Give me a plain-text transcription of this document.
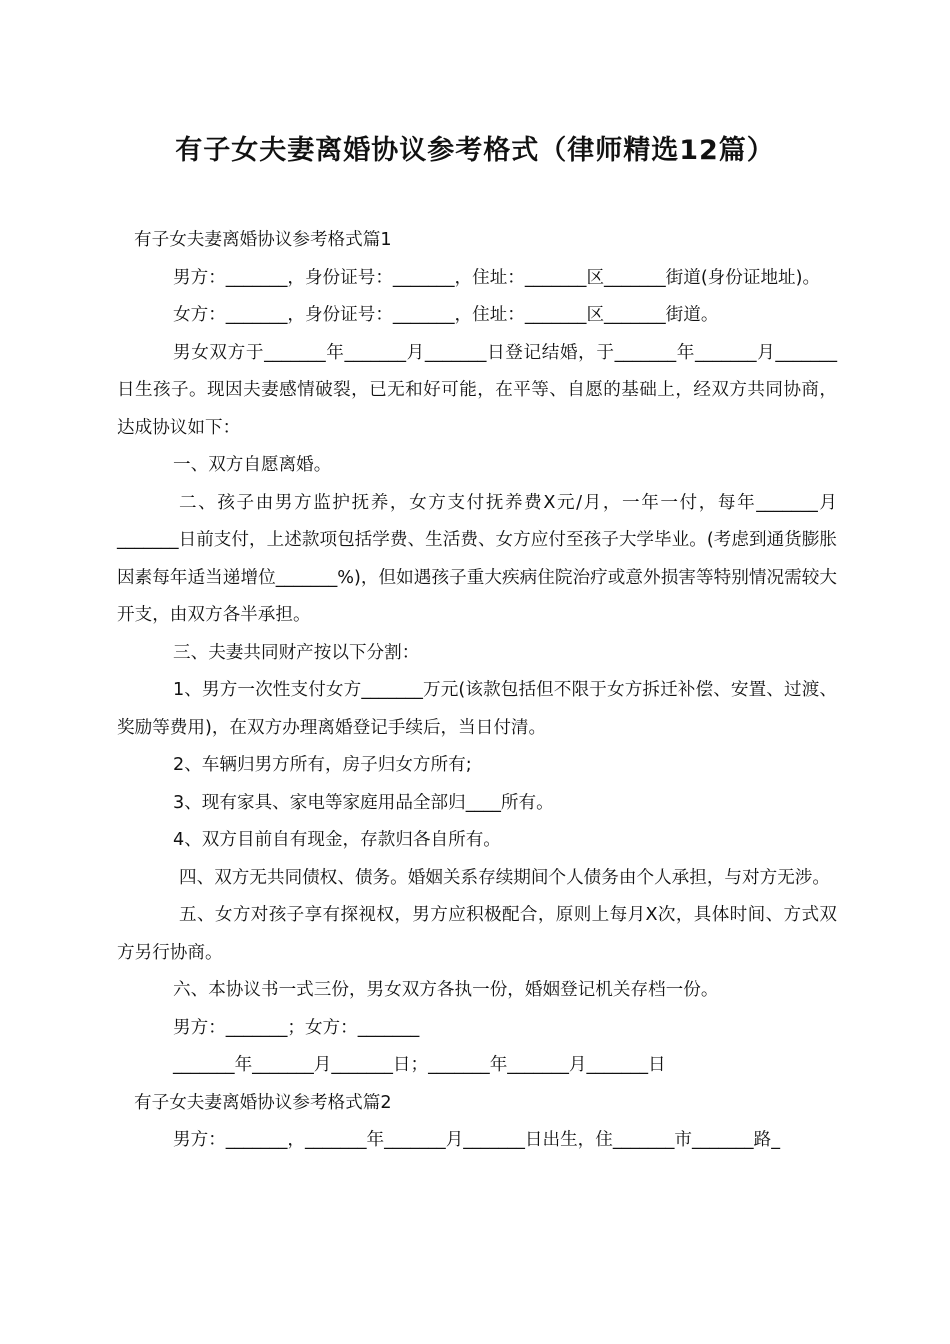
有子女夫妻离婚协议参考格式（律师精选12篇）

有子女夫妻离婚协议参考格式篇1

男方：_______，身份证号：_______，住址：_______区_______街道(身份证地址)。

女方：_______，身份证号：_______，住址：_______区_______街道。

男女双方于_______年_______月_______日登记结婚，于_______年_______月_______日生孩子。现因夫妻感情破裂，已无和好可能，在平等、自愿的基础上，经双方共同协商，达成协议如下：

一、双方自愿离婚。

二、孩子由男方监护抚养，女方支付抚养费X元/月，一年一付，每年_______月_______日前支付，上述款项包括学费、生活费、女方应付至孩子大学毕业。(考虑到通货膨胀因素每年适当递增位_______%)，但如遇孩子重大疾病住院治疗或意外损害等特别情况需较大开支，由双方各半承担。

三、夫妻共同财产按以下分割：

1、男方一次性支付女方_______万元(该款包括但不限于女方拆迁补偿、安置、过渡、奖励等费用)，在双方办理离婚登记手续后，当日付清。

2、车辆归男方所有，房子归女方所有;

3、现有家具、家电等家庭用品全部归____所有。

4、双方目前自有现金，存款归各自所有。

四、双方无共同债权、债务。婚姻关系存续期间个人债务由个人承担，与对方无涉。

五、女方对孩子享有探视权，男方应积极配合，原则上每月X次，具体时间、方式双方另行协商。

六、本协议书一式三份，男女双方各执一份，婚姻登记机关存档一份。

男方：_______；女方：_______

_______年_______月_______日；_______年_______月_______日

有子女夫妻离婚协议参考格式篇2

男方：_______，_______年_______月_______日出生，住_______市_______路_
